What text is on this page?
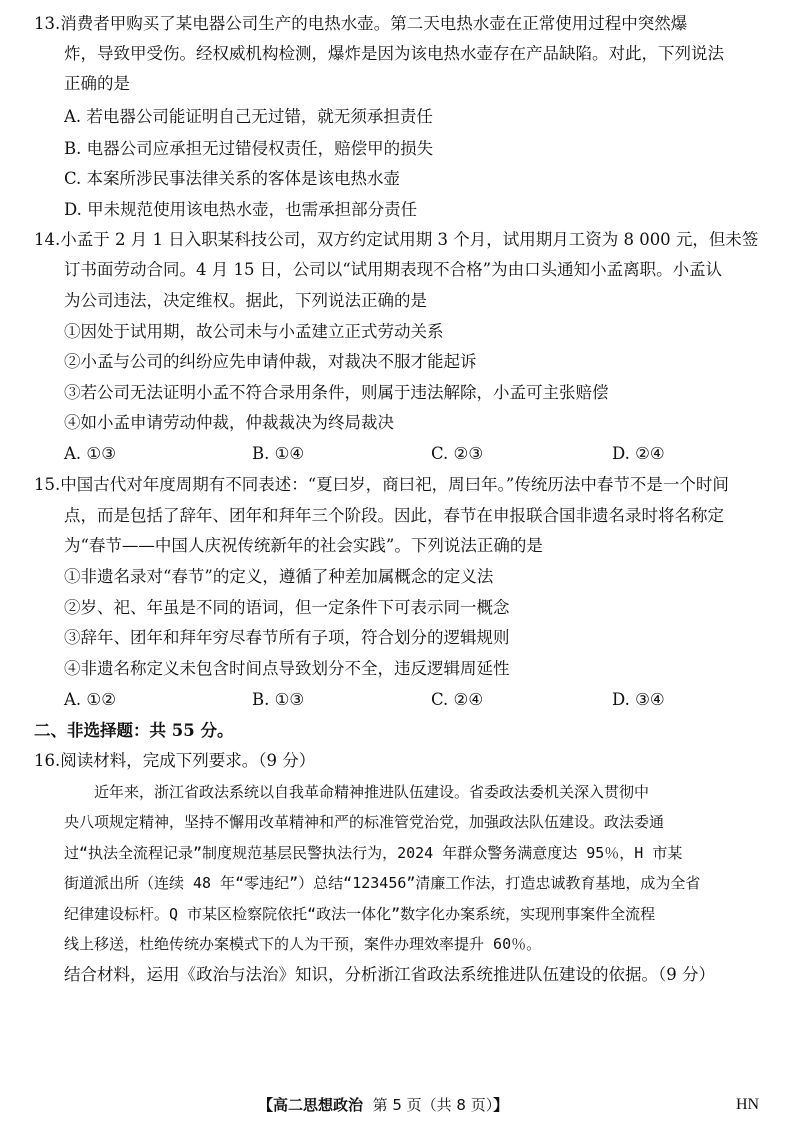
13.消费者甲购买了某电器公司生产的电热水壶。第二天电热水壶在正常使用过程中突然爆
炸，导致甲受伤。经权威机构检测，爆炸是因为该电热水壶存在产品缺陷。对此，下列说法
正确的是
A. 若电器公司能证明自己无过错，就无须承担责任
B. 电器公司应承担无过错侵权责任，赔偿甲的损失
C. 本案所涉民事法律关系的客体是该电热水壶
D. 甲未规范使用该电热水壶，也需承担部分责任
14.小孟于 2 月 1 日入职某科技公司，双方约定试用期 3 个月，试用期月工资为 8 000 元，但未签
订书面劳动合同。4 月 15 日，公司以“试用期表现不合格”为由口头通知小孟离职。小孟认
为公司违法，决定维权。据此，下列说法正确的是
①因处于试用期，故公司未与小孟建立正式劳动关系
②小孟与公司的纠纷应先申请仲裁，对裁决不服才能起诉
③若公司无法证明小孟不符合录用条件，则属于违法解除，小孟可主张赔偿
④如小孟申请劳动仲裁，仲裁裁决为终局裁决
A. ①③	B. ①④	C. ②③	D. ②④
15.中国古代对年度周期有不同表述：“夏曰岁，商曰祀，周曰年。”传统历法中春节不是一个时间
点，而是包括了辞年、团年和拜年三个阶段。因此，春节在申报联合国非遗名录时将名称定
为“春节——中国人庆祝传统新年的社会实践”。下列说法正确的是
①非遗名录对“春节”的定义，遵循了种差加属概念的定义法
②岁、祀、年虽是不同的语词，但一定条件下可表示同一概念
③辞年、团年和拜年穷尽春节所有子项，符合划分的逻辑规则
④非遗名称定义未包含时间点导致划分不全，违反逻辑周延性
A. ①②	B. ①③	C. ②④	D. ③④
二、非选择题：共 55 分。
16.阅读材料，完成下列要求。（9 分）
　　近年来，浙江省政法系统以自我革命精神推进队伍建设。省委政法委机关深入贯彻中
央八项规定精神，坚持不懈用改革精神和严的标准管党治党，加强政法队伍建设。政法委通
过“执法全流程记录”制度规范基层民警执法行为，2024 年群众警务满意度达 95％，H 市某
街道派出所（连续 48 年“零违纪”）总结“123456”清廉工作法，打造忠诚教育基地，成为全省
纪律建设标杆。Q 市某区检察院依托“政法一体化”数字化办案系统，实现刑事案件全流程
线上移送，杜绝传统办案模式下的人为干预，案件办理效率提升 60％。
结合材料，运用《政治与法治》知识，分析浙江省政法系统推进队伍建设的依据。（9 分）
【高二思想政治 第 5 页（共 8 页）】	HN
